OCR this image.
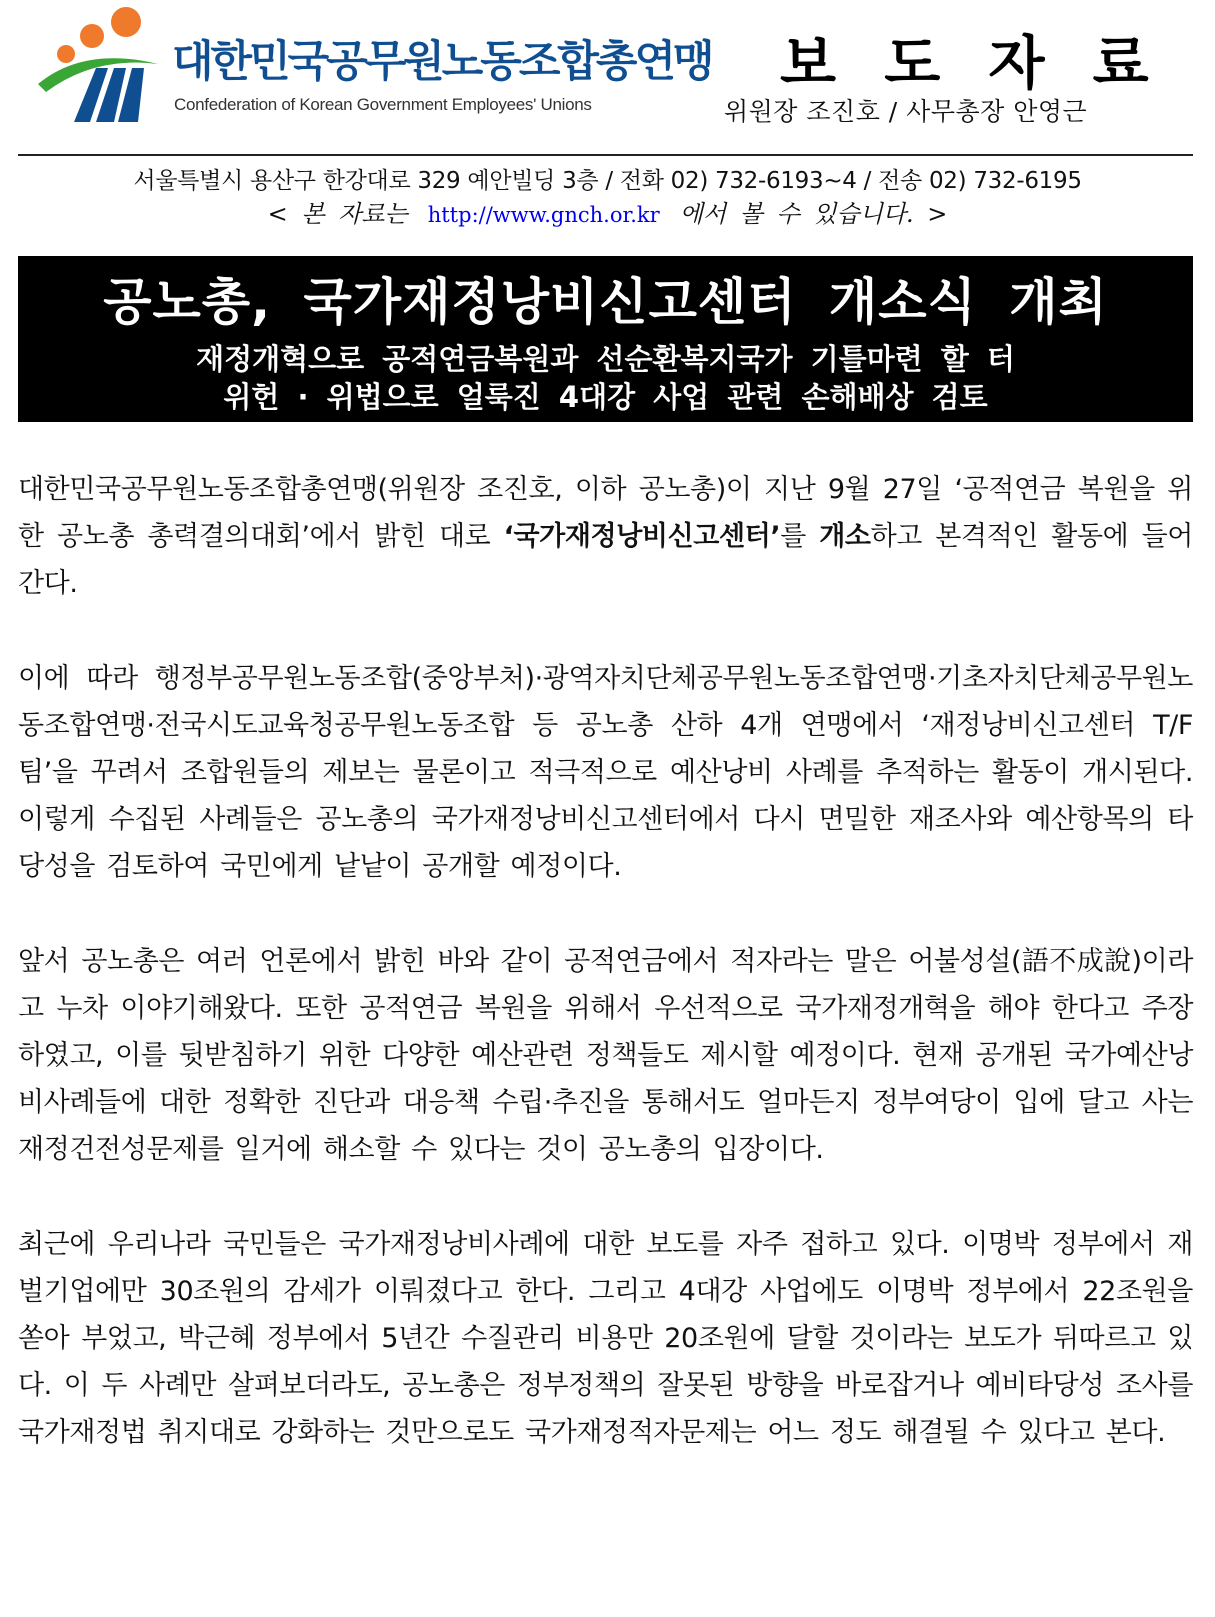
대한민국공무원노동조합총연맹
Confederation of Korean Government Employees' Unions
보 도 자 료
위원장 조진호 / 사무총장 안영근
서울특별시 용산구 한강대로 329 예안빌딩 3층 / 전화 02) 732-6193~4 / 전송 02) 732-6195
< 본 자료는 http://www.gnch.or.kr 에서 볼 수 있습니다. >
공노총, 국가재정낭비신고센터 개소식 개최
재정개혁으로 공적연금복원과 선순환복지국가 기틀마련 할 터
위헌 · 위법으로 얼룩진 4대강 사업 관련 손해배상 검토

대한민국공무원노동조합총연맹(위원장 조진호, 이하 공노총)이 지난 9월 27일 ‘공적연금 복원을 위한 공노총 총력결의대회’에서 밝힌 대로 ‘국가재정낭비신고센터’를 개소하고 본격적인 활동에 들어간다.

이에 따라 행정부공무원노동조합(중앙부처)·광역자치단체공무원노동조합연맹·기초자치단체공무원노동조합연맹·전국시도교육청공무원노동조합 등 공노총 산하 4개 연맹에서 ‘재정낭비신고센터 T/F팀’을 꾸려서 조합원들의 제보는 물론이고 적극적으로 예산낭비 사례를 추적하는 활동이 개시된다. 이렇게 수집된 사례들은 공노총의 국가재정낭비신고센터에서 다시 면밀한 재조사와 예산항목의 타당성을 검토하여 국민에게 낱낱이 공개할 예정이다.

앞서 공노총은 여러 언론에서 밝힌 바와 같이 공적연금에서 적자라는 말은 어불성설(語不成說)이라고 누차 이야기해왔다. 또한 공적연금 복원을 위해서 우선적으로 국가재정개혁을 해야 한다고 주장하였고, 이를 뒷받침하기 위한 다양한 예산관련 정책들도 제시할 예정이다. 현재 공개된 국가예산낭비사례들에 대한 정확한 진단과 대응책 수립·추진을 통해서도 얼마든지 정부여당이 입에 달고 사는 재정건전성문제를 일거에 해소할 수 있다는 것이 공노총의 입장이다.

최근에 우리나라 국민들은 국가재정낭비사례에 대한 보도를 자주 접하고 있다. 이명박 정부에서 재벌기업에만 30조원의 감세가 이뤄졌다고 한다. 그리고 4대강 사업에도 이명박 정부에서 22조원을 쏟아 부었고, 박근혜 정부에서 5년간 수질관리 비용만 20조원에 달할 것이라는 보도가 뒤따르고 있다. 이 두 사례만 살펴보더라도, 공노총은 정부정책의 잘못된 방향을 바로잡거나 예비타당성 조사를 국가재정법 취지대로 강화하는 것만으로도 국가재정적자문제는 어느 정도 해결될 수 있다고 본다.
